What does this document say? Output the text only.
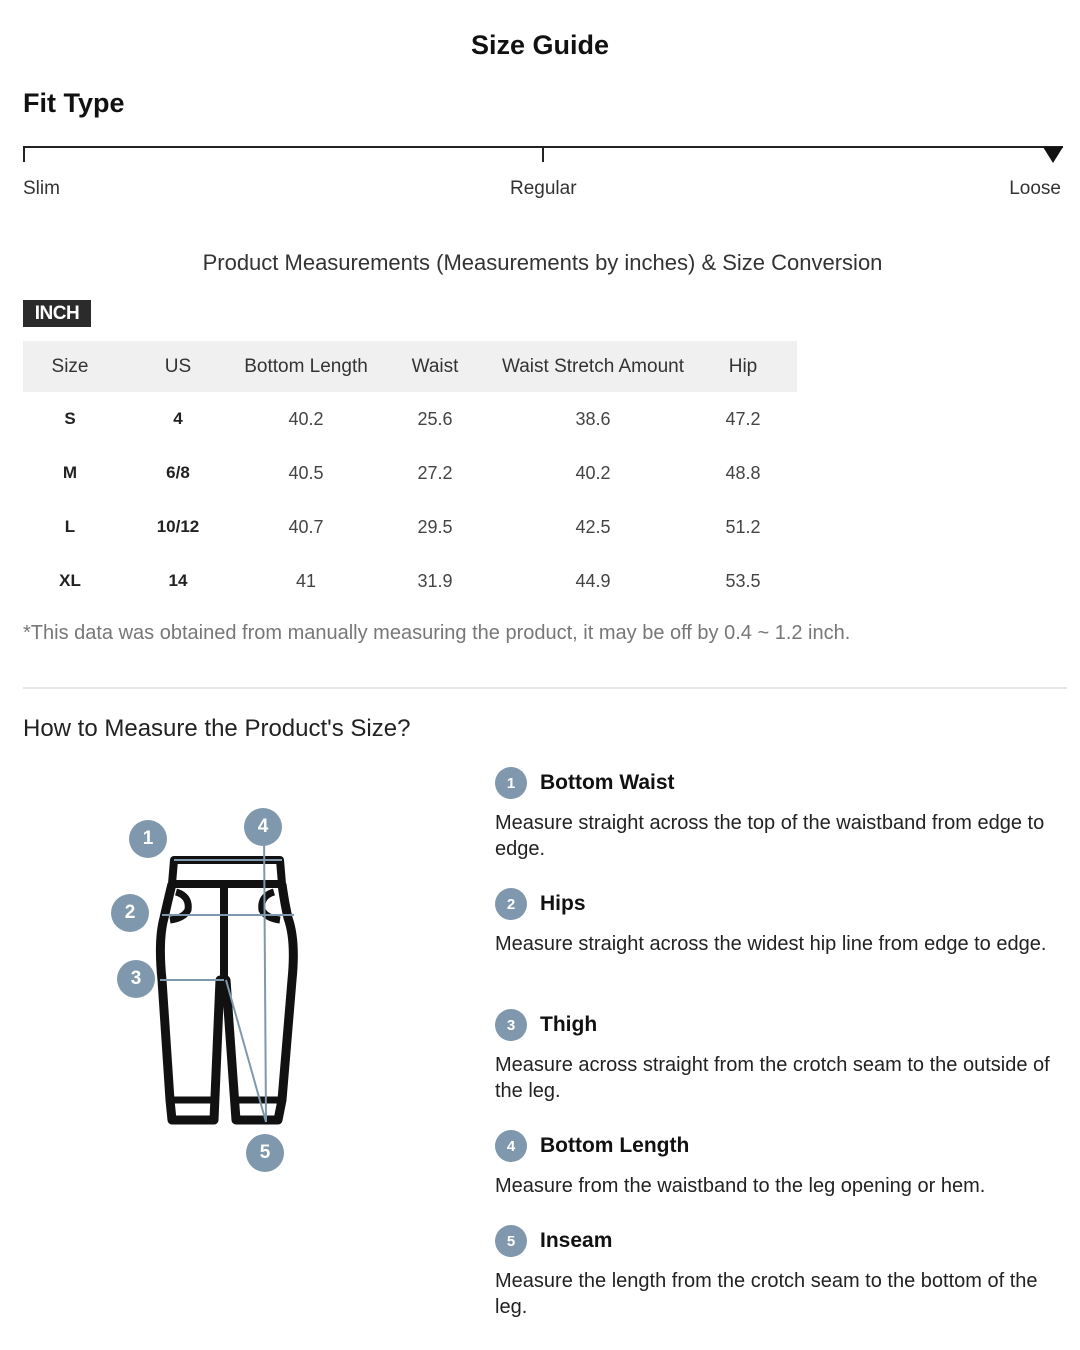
Size Guide
Fit Type
Slim	Regular	Loose
Product Measurements (Measurements by inches) & Size Conversion
INCH
Size	US	Bottom Length	Waist	Waist Stretch Amount	Hip
S	4	40.2	25.6	38.6	47.2
M	6/8	40.5	27.2	40.2	48.8
L	10/12	40.7	29.5	42.5	51.2
XL	14	41	31.9	44.9	53.5
*This data was obtained from manually measuring the product, it may be off by 0.4 ~ 1.2 inch.
How to Measure the Product's Size?
1
4
2
3
5
1	Bottom Waist
Measure straight across the top of the waistband from edge to edge.
2	Hips
Measure straight across the widest hip line from edge to edge.
3	Thigh
Measure across straight from the crotch seam to the outside of the leg.
4	Bottom Length
Measure from the waistband to the leg opening or hem.
5	Inseam
Measure the length from the crotch seam to the bottom of the leg.
